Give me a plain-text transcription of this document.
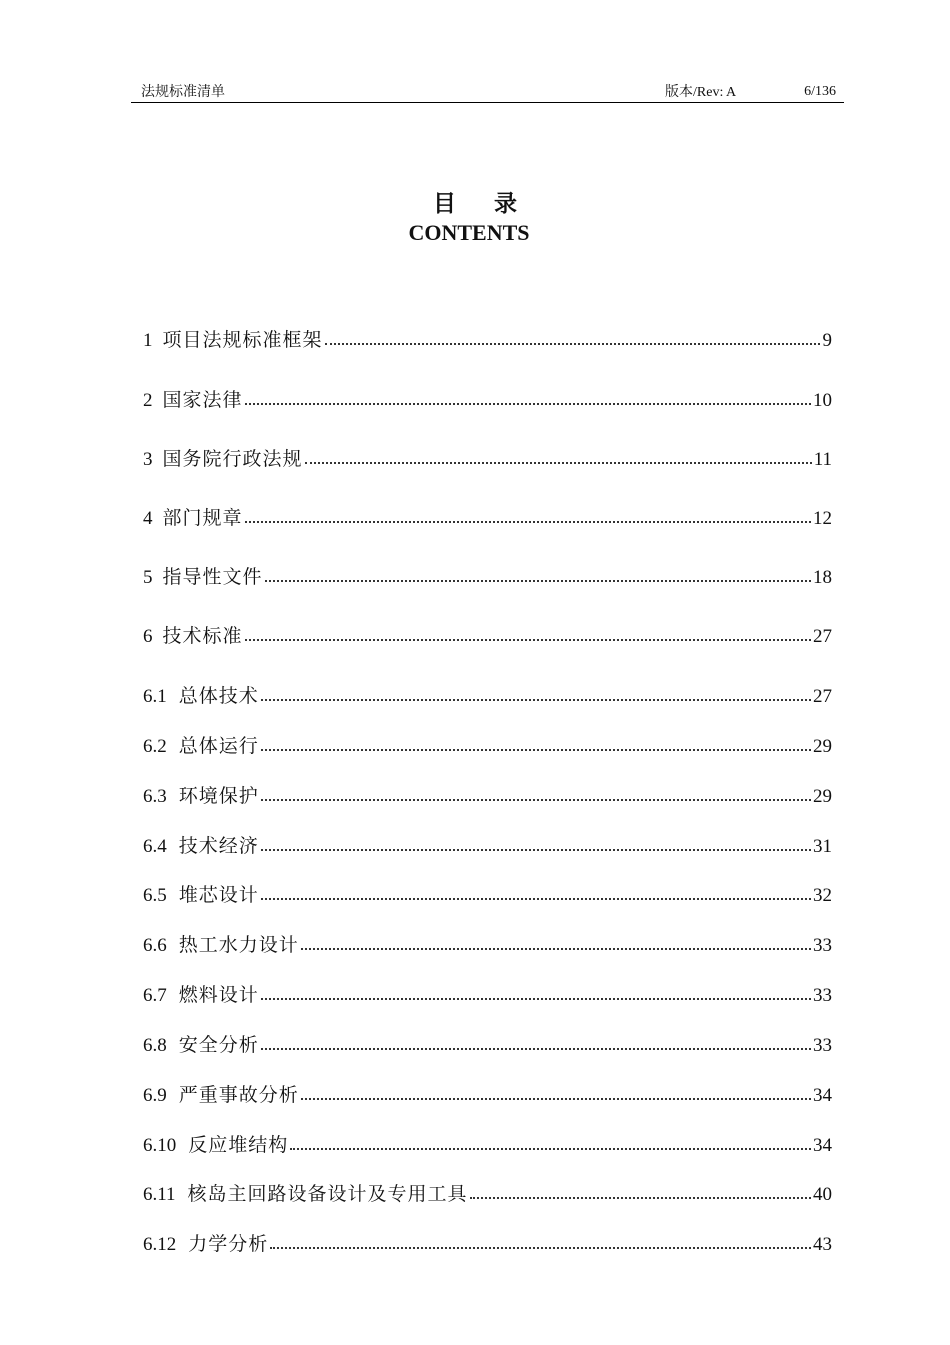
法规标准清单	版本/Rev: A	6/136
目录
CONTENTS
1 项目法规标准框架	9
2 国家法律	10
3 国务院行政法规	11
4 部门规章	12
5 指导性文件	18
6 技术标准	27
6.1 总体技术	27
6.2 总体运行	29
6.3 环境保护	29
6.4 技术经济	31
6.5 堆芯设计	32
6.6 热工水力设计	33
6.7 燃料设计	33
6.8 安全分析	33
6.9 严重事故分析	34
6.10 反应堆结构	34
6.11 核岛主回路设备设计及专用工具	40
6.12 力学分析	43
